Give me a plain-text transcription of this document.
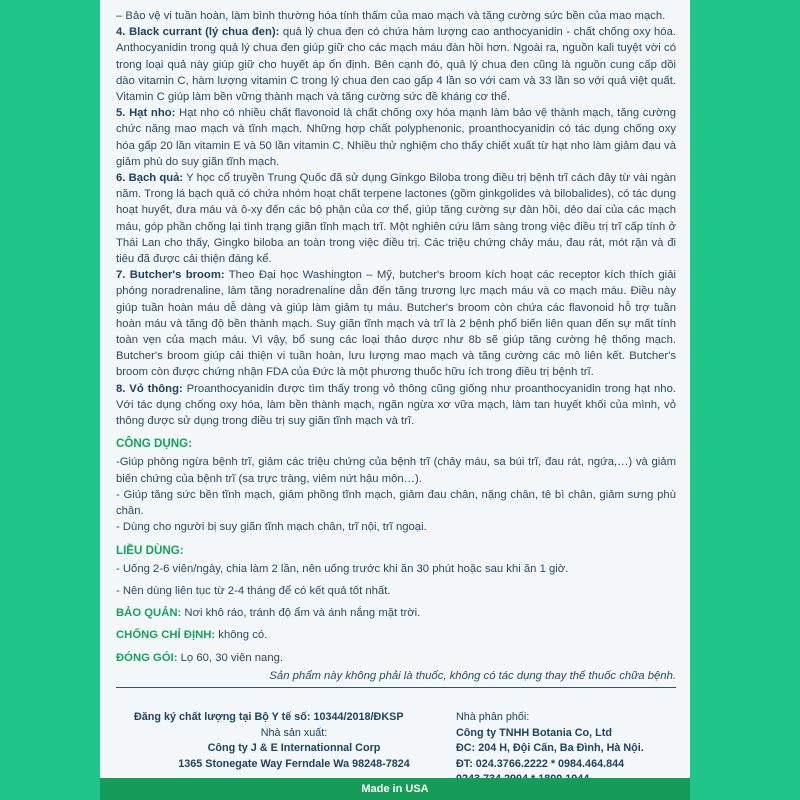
– Bảo vệ vi tuần hoàn, làm bình thường hóa tính thấm của mao mạch và tăng cường sức bền của mao mạch.

4. Black currant (lý chua đen): quả lý chua đen có chứa hàm lượng cao anthocyanidin - chất chống oxy hóa. Anthocyanidin trong quả lý chua đen giúp giữ cho các mạch máu đàn hồi hơn. Ngoài ra, nguồn kali tuyệt vời có trong loại quả này giúp giữ cho huyết áp ổn định. Bên cạnh đó, quả lý chua đen cũng là nguồn cung cấp dồi dào vitamin C, hàm lượng vitamin C trong lý chua đen cao gấp 4 lần so với cam và 33 lần so với quả việt quất. Vitamin C giúp làm bền vững thành mạch và tăng cường sức đề kháng cơ thể.

5. Hạt nho: Hạt nho có nhiều chất flavonoid là chất chống oxy hóa mạnh làm bảo vệ thành mạch, tăng cường chức năng mao mạch và tĩnh mạch. Những hợp chất polyphenonic, proanthocyanidin có tác dụng chống oxy hóa gấp 20 lần vitamin E và 50 lần vitamin C. Nhiều thử nghiệm cho thấy chiết xuất từ hạt nho làm giảm đau và giảm phù do suy giãn tĩnh mạch.

6. Bạch quả: Y học cổ truyền Trung Quốc đã sử dụng Ginkgo Biloba trong điều trị bệnh trĩ cách đây từ vài ngàn năm. Trong lá bạch quả có chứa nhóm hoạt chất terpene lactones (gồm ginkgolides và bilobalides), có tác dụng hoạt huyết, đưa máu và ô-xy đến các bộ phận của cơ thể, giúp tăng cường sự đàn hồi, dẻo dai của các mạch máu, góp phần chống lại tình trạng giãn tĩnh mạch trĩ. Một nghiên cứu lâm sàng trong việc điều trị trĩ cấp tính ở Thái Lan cho thấy, Gingko biloba an toàn trong việc điều trị. Các triệu chứng chảy máu, đau rát, mót rặn và đi tiêu đã được cải thiện đáng kể.

7. Butcher's broom: Theo Đại học Washington – Mỹ, butcher's broom kích hoạt các receptor kích thích giải phóng noradrenaline, làm tăng noradrenaline dẫn đến tăng trương lực mạch máu và co mạch máu. Điều này giúp tuần hoàn máu dễ dàng và giúp làm giảm tụ máu. Butcher's broom còn chứa các flavonoid hỗ trợ tuần hoàn máu và tăng độ bền thành mạch. Suy giãn tĩnh mạch và trĩ là 2 bệnh phổ biến liên quan đến sự mất tính toàn vẹn của mạch máu. Vì vậy, bổ sung các loại thảo dược như 8b sẽ giúp tăng cường hệ thống mạch. Butcher's broom giúp cải thiện vi tuần hoàn, lưu lượng mao mạch và tăng cường các mô liên kết. Butcher's broom còn được chứng nhận FDA của Đức là một phương thuốc hữu ích trong điều trị bệnh trĩ.

8. Vỏ thông: Proanthocyanidin được tìm thấy trong vỏ thông cũng giống như proanthocyanidin trong hạt nho. Với tác dụng chống oxy hóa, làm bền thành mạch, ngăn ngừa xơ vữa mạch, làm tan huyết khối của mình, vỏ thông được sử dụng trong điều trị suy giãn tĩnh mạch và trĩ.

CÔNG DỤNG:

-Giúp phòng ngừa bệnh trĩ, giảm các triệu chứng của bệnh trĩ (chảy máu, sa búi trĩ, đau rát, ngứa,…) và giảm biến chứng của bệnh trĩ (sa trực tràng, viêm nứt hậu môn…).

- Giúp tăng sức bền tĩnh mạch, giảm phồng tĩnh mạch, giảm đau chân, nặng chân, tê bì chân, giảm sưng phù chân.

- Dùng cho người bị suy giãn tĩnh mạch chân, trĩ nội, trĩ ngoại.

LIỀU DÙNG:

- Uống 2-6 viên/ngày, chia làm 2 lần, nên uống trước khi ăn 30 phút hoặc sau khi ăn 1 giờ.

- Nên dùng liên tục từ 2-4 tháng để có kết quả tốt nhất.

BẢO QUẢN: Nơi khô ráo, tránh độ ẩm và ánh nắng mặt trời.

CHỐNG CHỈ ĐỊNH: không có.

ĐÓNG GÓI: Lọ 60, 30 viên nang.

Sản phẩm này không phải là thuốc, không có tác dụng thay thế thuốc chữa bệnh.

Đăng ký chất lượng tại Bộ Y tế số: 10344/2018/ĐKSP
Nhà sản xuất:
Công ty J & E Internationnal Corp
1365 Stonegate Way Ferndale Wa 98248-7824
Nhà phân phối:
Công ty TNHH Botania Co, Ltd
ĐC: 204 H, Đội Cấn, Ba Đình, Hà Nội.
ĐT: 024.3766.2222 * 0984.464.844
Made in USA
